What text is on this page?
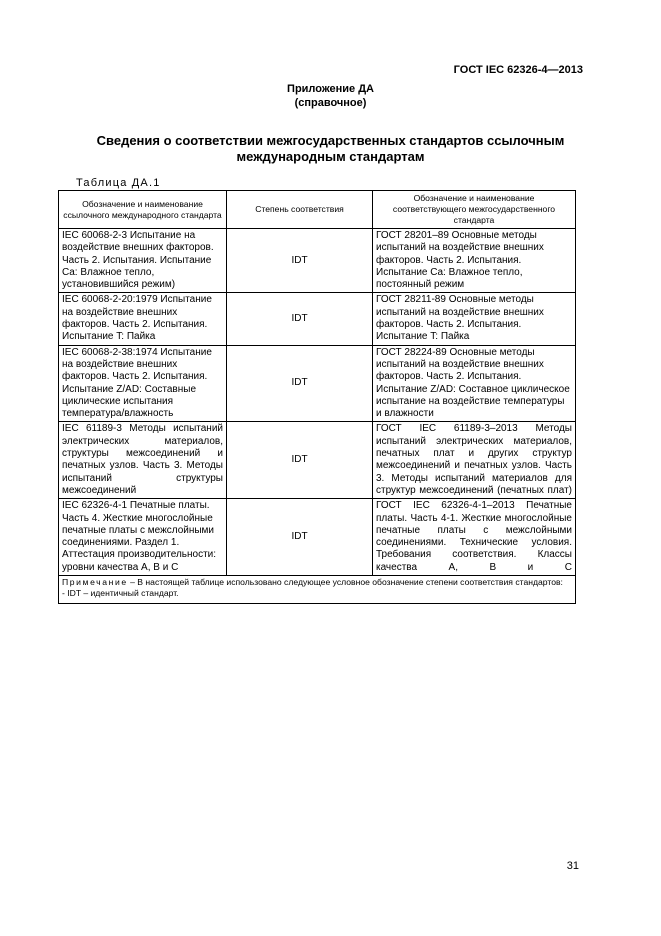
ГОСТ IEC 62326-4—2013
Приложение ДА
(справочное)
Сведения о соответствии межгосударственных стандартов ссылочным
международным стандартам
Таблица ДА.1
Обозначение и наименование ссылочного международного стандарта	Степень соответствия	Обозначение и наименование соответствующего межгосударственного стандарта
IEC 60068-2-3 Испытание на воздействие внешних факторов. Часть 2. Испытания. Испытание Ca: Влажное тепло, установившийся режим)	IDT	ГОСТ 28201–89 Основные методы испытаний на воздействие внешних факторов. Часть 2. Испытания. Испытание Ca: Влажное тепло, постоянный режим
IEC 60068-2-20:1979 Испытание на воздействие внешних факторов. Часть 2. Испытания. Испытание T: Пайка	IDT	ГОСТ 28211-89 Основные методы испытаний на воздействие внешних факторов. Часть 2. Испытания. Испытание T: Пайка
IEC 60068-2-38:1974 Испытание на воздействие внешних факторов. Часть 2. Испытания. Испытание Z/AD: Составные циклические испытания температура/влажность	IDT	ГОСТ 28224-89 Основные методы испытаний на воздействие внешних факторов. Часть 2. Испытания. Испытание Z/AD: Составное циклическое испытание на воздействие температуры и влажности
IEC 61189-3 Методы испытаний электрических материалов, структуры межсоединений и печатных узлов. Часть 3. Методы испытаний структуры межсоединений	IDT	ГОСТ IEC 61189-3–2013 Методы испытаний электрических материалов, печатных плат и других структур межсоединений и печатных узлов. Часть 3. Методы испытаний материалов для структур межсоединений (печатных плат)
IEC 62326-4-1 Печатные платы. Часть 4. Жесткие многослойные печатные платы с межслойными соединениями. Раздел 1. Аттестация производительности: уровни качества A, B и C	IDT	ГОСТ IEC 62326-4-1–2013 Печатные платы. Часть 4-1. Жесткие многослойные печатные платы с межслойными соединениями. Технические условия. Требования соответствия. Классы качества A, B и C
Примечание – В настоящей таблице использовано следующее условное обозначение степени соответствия стандартов:
- IDT – идентичный стандарт.		
31
